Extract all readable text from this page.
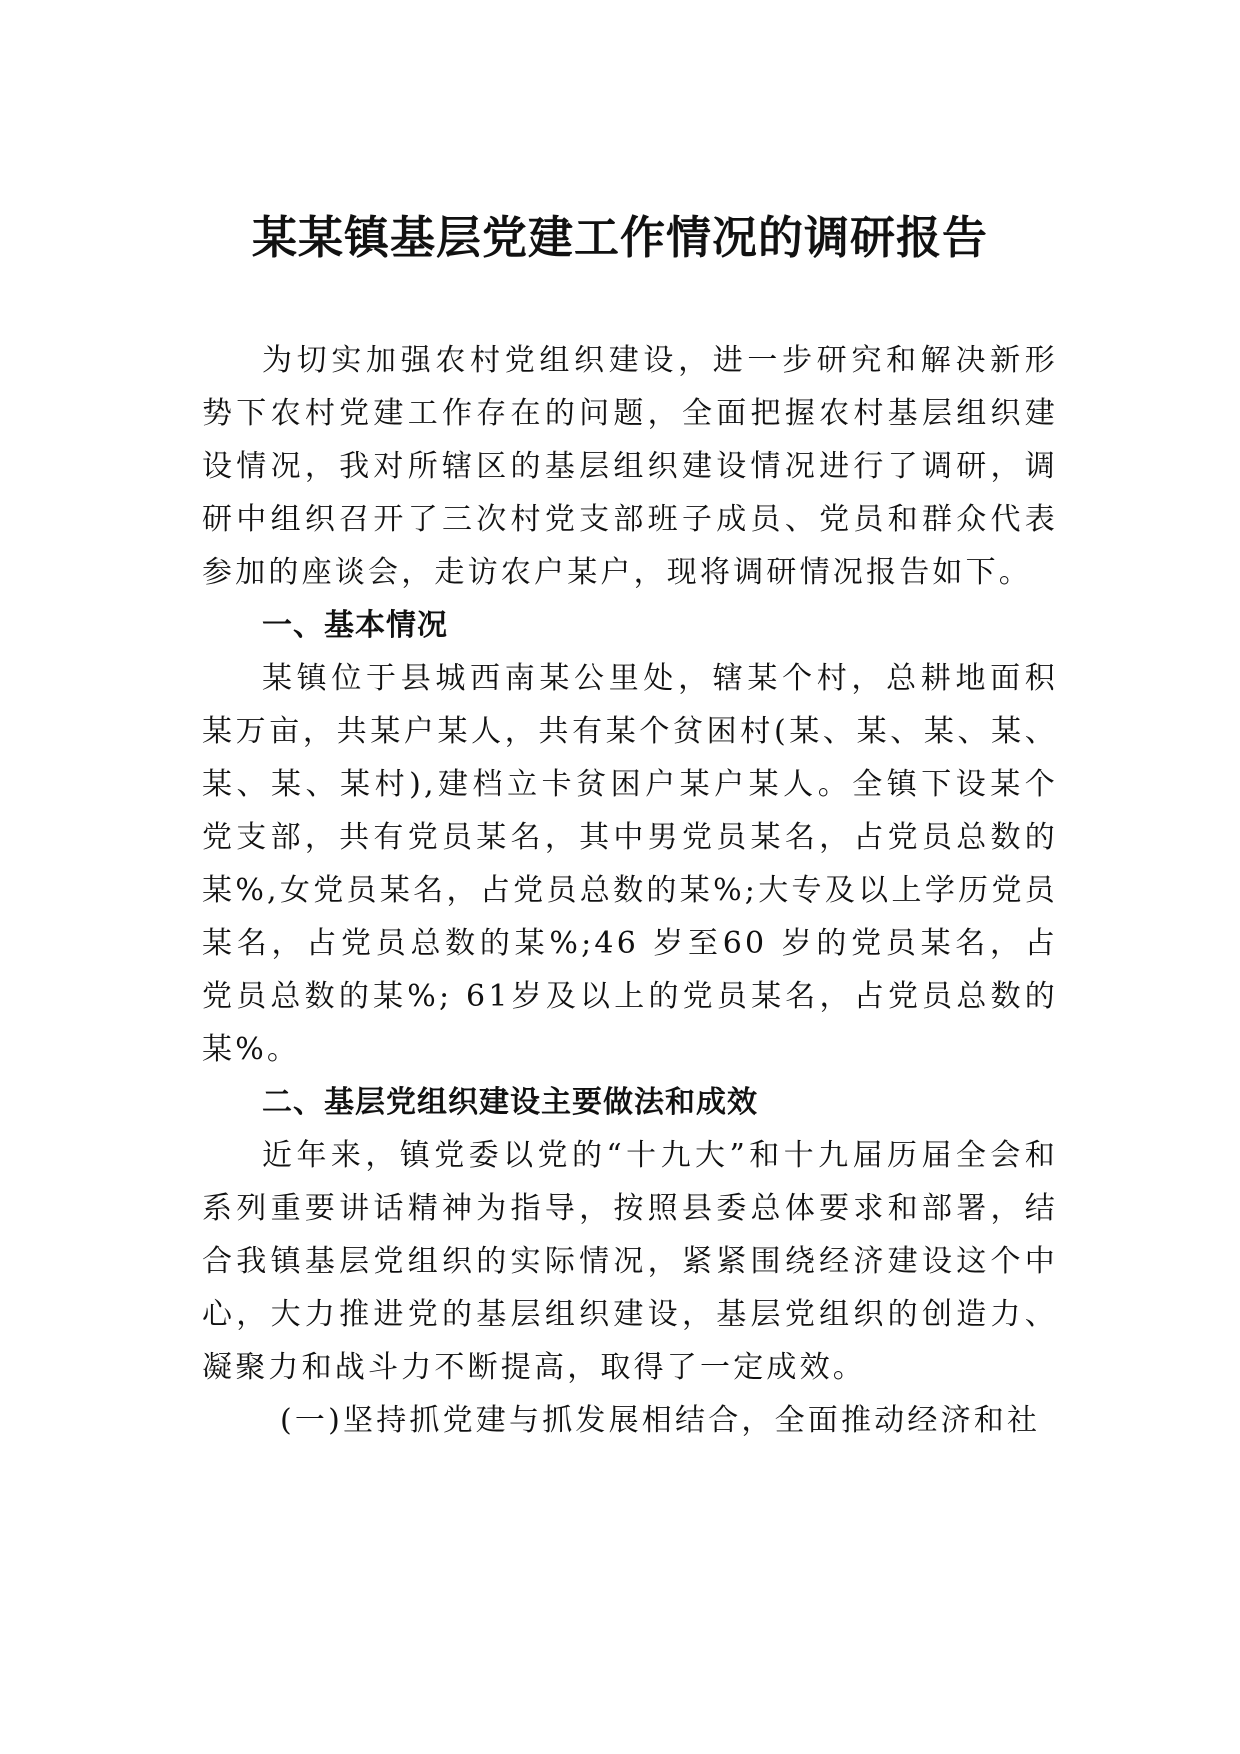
某某镇基层党建工作情况的调研报告

为切实加强农村党组织建设，进一步研究和解决新形势下农村党建工作存在的问题，全面把握农村基层组织建设情况，我对所辖区的基层组织建设情况进行了调研，调研中组织召开了三次村党支部班子成员、党员和群众代表参加的座谈会，走访农户某户，现将调研情况报告如下。

一、基本情况

某镇位于县城西南某公里处，辖某个村，总耕地面积某万亩，共某户某人，共有某个贫困村(某、某、某、某、某、某、某村),建档立卡贫困户某户某人。全镇下设某个党支部，共有党员某名，其中男党员某名，占党员总数的某%,女党员某名，占党员总数的某%;大专及以上学历党员某名，占党员总数的某%;46 岁至60 岁的党员某名，占党员总数的某%; 61岁及以上的党员某名，占党员总数的某%。

二、基层党组织建设主要做法和成效

近年来，镇党委以党的“十九大”和十九届历届全会和系列重要讲话精神为指导，按照县委总体要求和部署，结合我镇基层党组织的实际情况，紧紧围绕经济建设这个中心，大力推进党的基层组织建设，基层党组织的创造力、凝聚力和战斗力不断提高，取得了一定成效。

(一)坚持抓党建与抓发展相结合，全面推动经济和社
